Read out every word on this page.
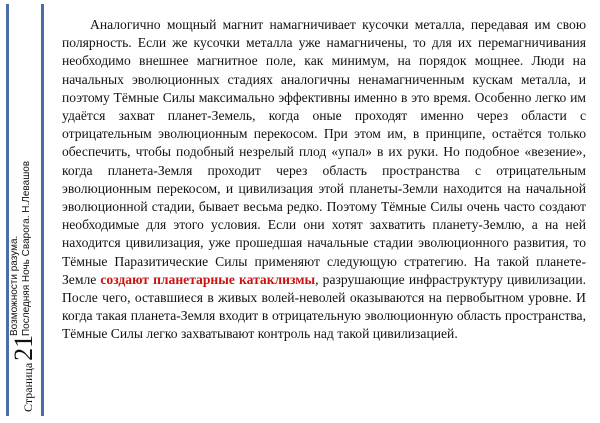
Страница
21
Возможности разума. Последняя Ночь Сварога. Н.Левашов

Аналогично мощный магнит намагничивает кусочки металла, передавая им свою полярность. Если же кусочки металла уже намагничены, то для их перемагничивания необходимо внешнее магнитное поле, как минимум, на порядок мощнее. Люди на начальных эволюционных стадиях аналогичны ненамагниченным кускам металла, и поэтому Тёмные Силы максимально эффективны именно в это время. Особенно легко им удаётся захват планет-Земель, когда оные проходят именно через области с отрицательным эволюционным перекосом. При этом им, в принципе, остаётся только обеспечить, чтобы подобный незрелый плод «упал» в их руки. Но подобное «везение», когда планета-Земля проходит через область пространства с отрицательным эволюционным перекосом, и цивилизация этой планеты-Земли находится на начальной эволюционной стадии, бывает весьма редко. Поэтому Тёмные Силы очень часто создают необходимые для этого условия. Если они хотят захватить планету-Землю, а на ней находится цивилизация, уже прошедшая начальные стадии эволюционного развития, то Тёмные Паразитические Силы применяют следующую стратегию. На такой планете-Земле создают планетарные катаклизмы, разрушающие инфраструктуру цивилизации. После чего, оставшиеся в живых волей-неволей оказываются на первобытном уровне. И когда такая планета-Земля входит в отрицательную эволюционную область пространства, Тёмные Силы легко захватывают контроль над такой цивилизацией.
